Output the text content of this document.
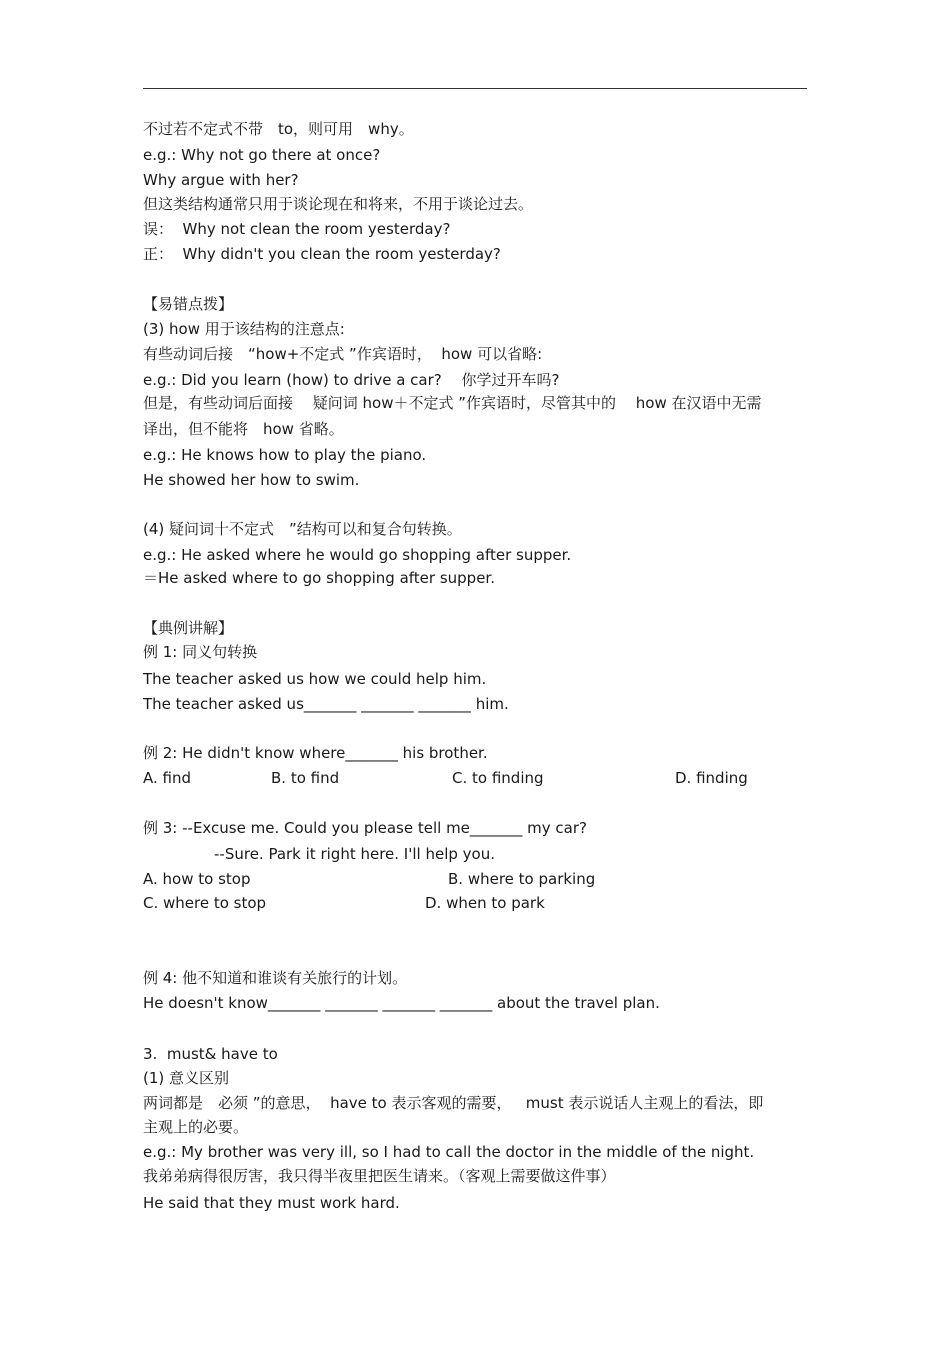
不过若不定式不带　to，则可用　why。
e.g.: Why not go there at once?
Why argue with her?
但这类结构通常只用于谈论现在和将来，不用于谈论过去。
误：  Why not clean the room yesterday?
正：  Why didn't you clean the room yesterday?
【易错点拨】
(3) how 用于该结构的注意点:
有些动词后接　“how+不定式 ”作宾语时，  how 可以省略:
e.g.: Did you learn (how) to drive a car?　 你学过开车吗?
但是，有些动词后面接　 疑问词 how＋不定式 ”作宾语时，尽管其中的　 how 在汉语中无需
译出，但不能将　how 省略。
e.g.: He knows how to play the piano.
He showed her how to swim.
(4) 疑问词十不定式　”结构可以和复合句转换。
e.g.: He asked where he would go shopping after supper.
＝He asked where to go shopping after supper.
【典例讲解】
例 1: 同义句转换
The teacher asked us how we could help him.
The teacher asked us_______ _______ _______ him.
例 2: He didn't know where_______ his brother.
A. find	B. to find	C. to finding	D. finding
例 3: --Excuse me. Could you please tell me_______ my car?
--Sure. Park it right here. I'll help you.
A. how to stop	B. where to parking
C. where to stop	D. when to park
例 4: 他不知道和谁谈有关旅行的计划。
He doesn't know_______ _______ _______ _______ about the travel plan.
3.  must& have to
(1) 意义区别
两词都是　必须 ”的意思，  have to 表示客观的需要，   must 表示说话人主观上的看法，即
主观上的必要。
e.g.: My brother was very ill, so I had to call the doctor in the middle of the night.
我弟弟病得很厉害，我只得半夜里把医生请来。（客观上需要做这件事）
He said that they must work hard.
